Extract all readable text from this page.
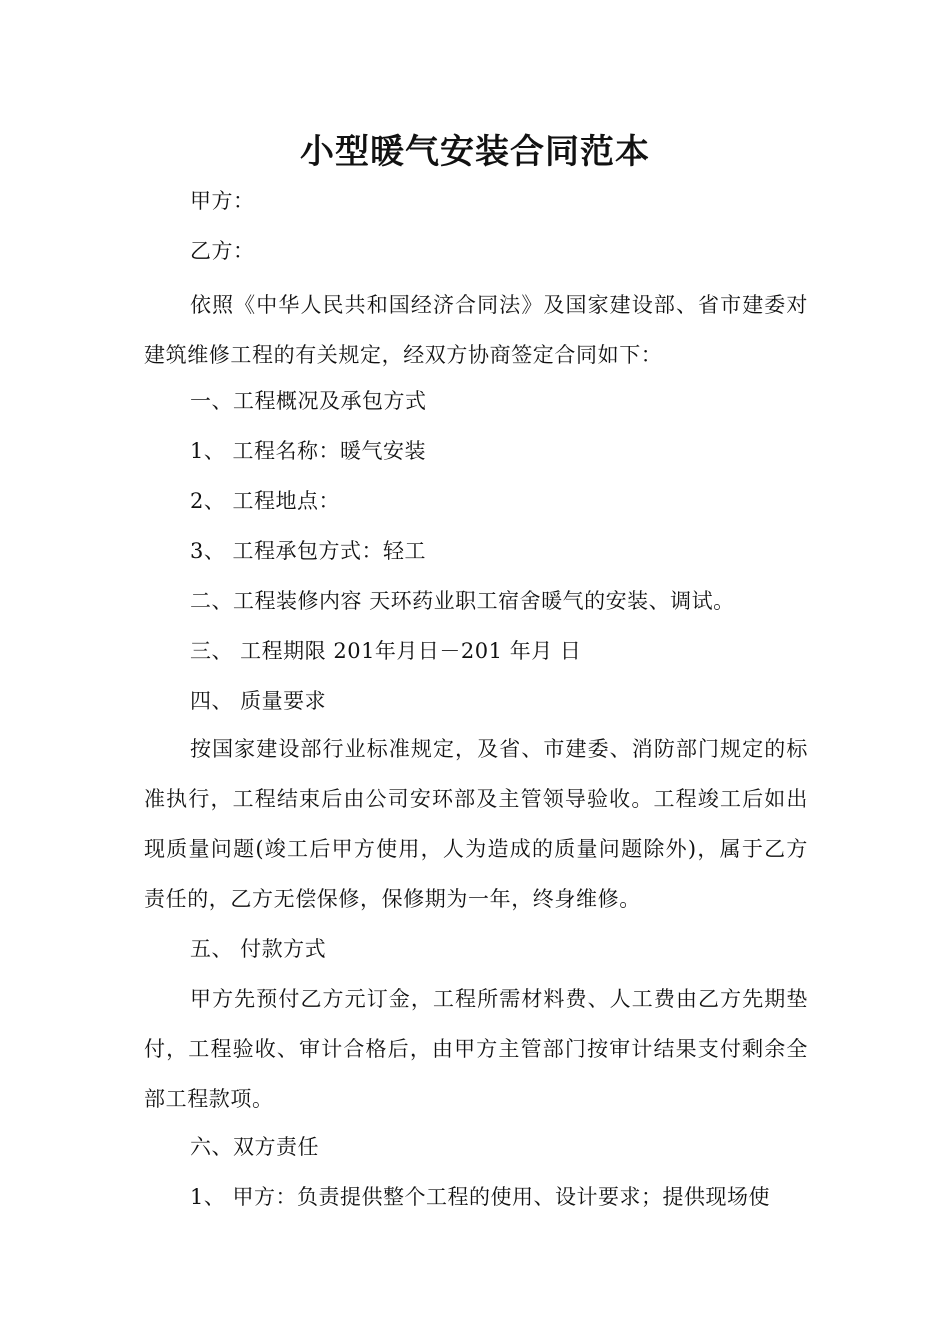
小型暖气安装合同范本
甲方：
乙方：
依照《中华人民共和国经济合同法》及国家建设部、省市建委对建筑维修工程的有关规定，经双方协商签定合同如下：
一、工程概况及承包方式
1、 工程名称：暖气安装
2、 工程地点：
3、 工程承包方式：轻工
二、工程装修内容 天环药业职工宿舍暖气的安装、调试。
三、 工程期限 201年月日－201 年月 日
四、 质量要求
按国家建设部行业标准规定，及省、市建委、消防部门规定的标准执行，工程结束后由公司安环部及主管领导验收。工程竣工后如出现质量问题(竣工后甲方使用，人为造成的质量问题除外)，属于乙方责任的，乙方无偿保修，保修期为一年，终身维修。
五、 付款方式
甲方先预付乙方元订金，工程所需材料费、人工费由乙方先期垫付，工程验收、审计合格后，由甲方主管部门按审计结果支付剩余全部工程款项。
六、双方责任
1、 甲方：负责提供整个工程的使用、设计要求；提供现场使
